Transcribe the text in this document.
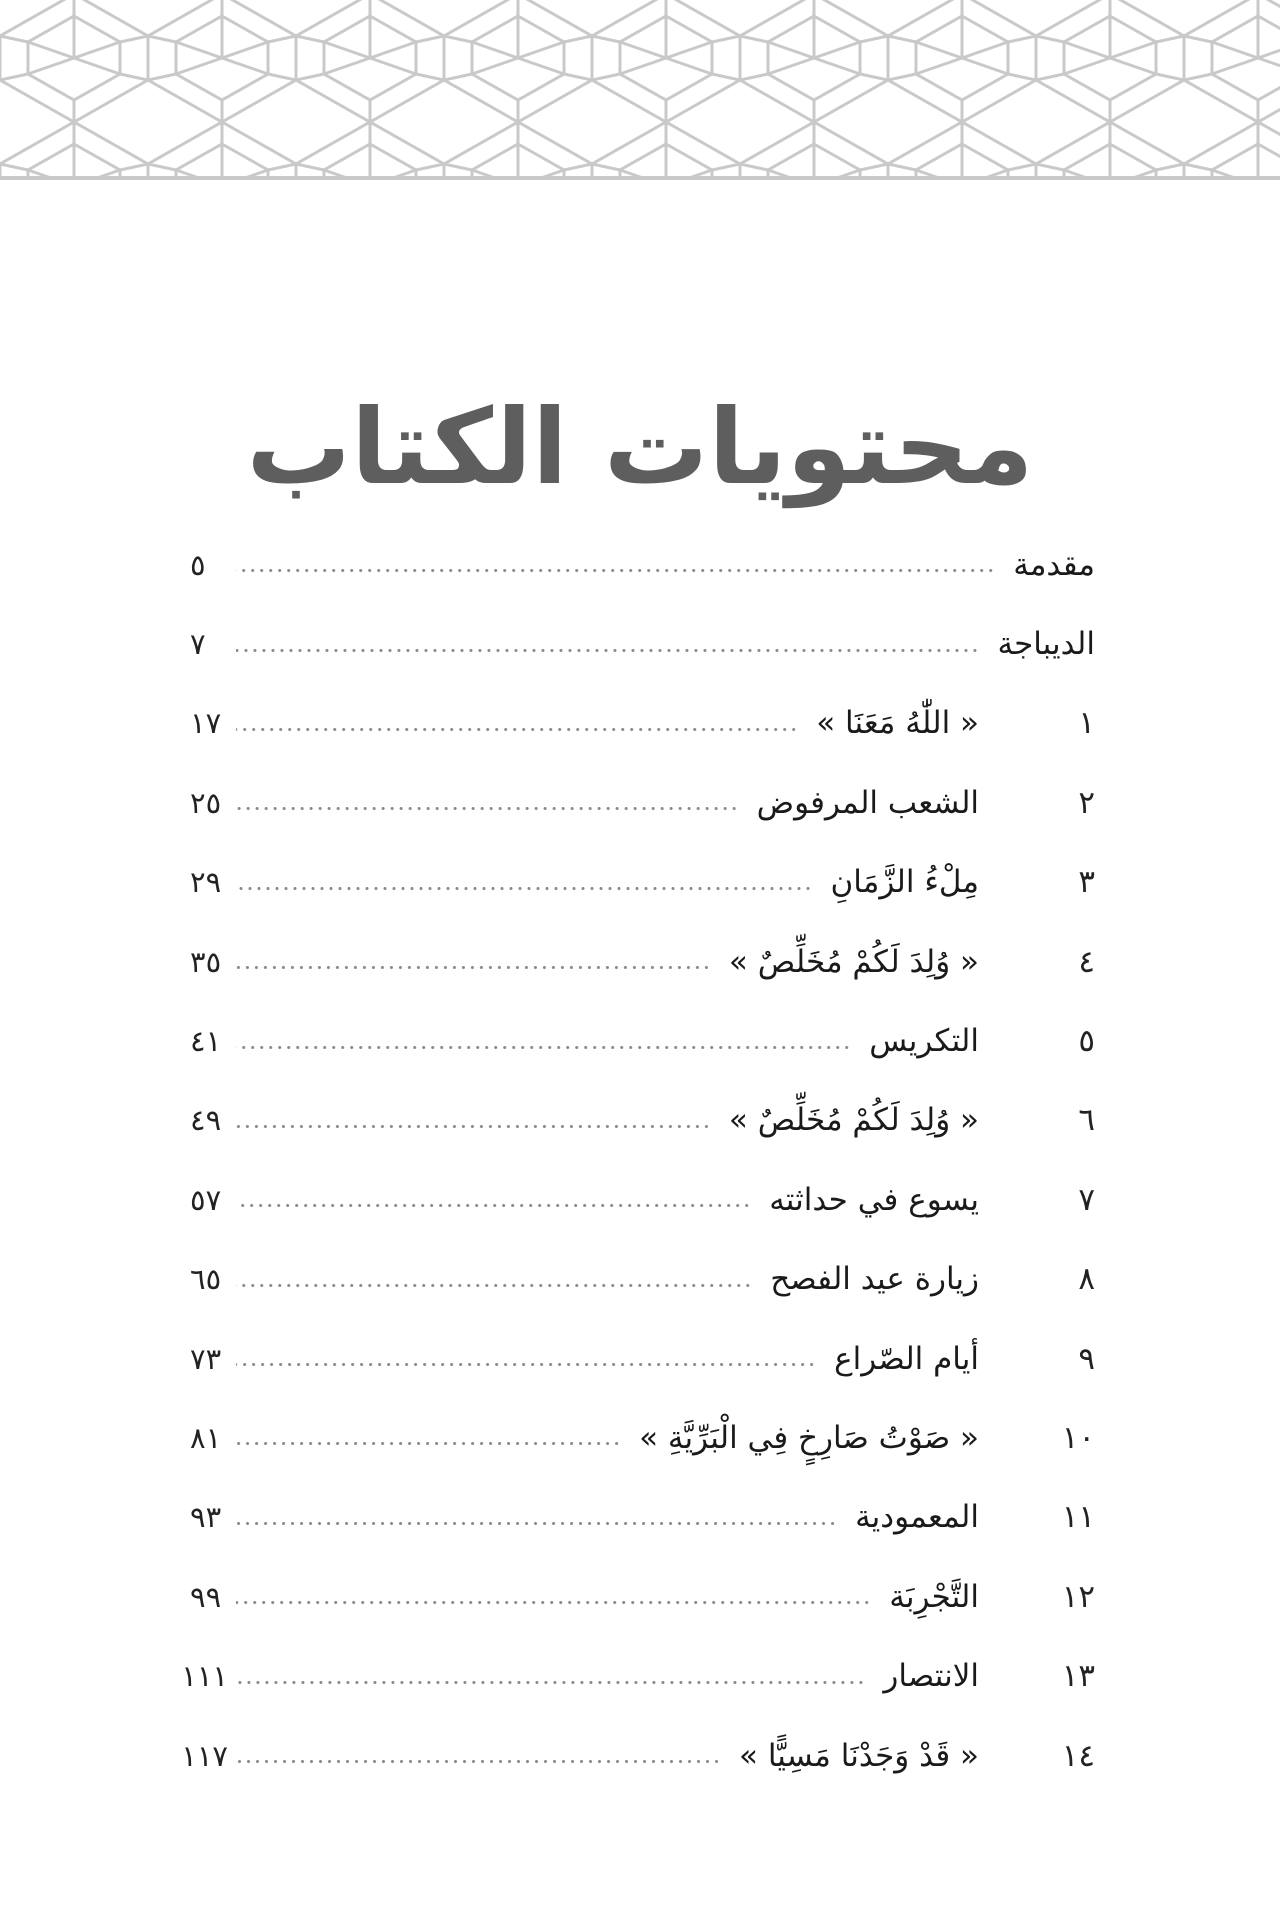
محتويات الكتاب
مقدمة
٥
الديباجة
٧
١
« اللّٰهُ مَعَنَا »
١٧
٢
الشعب المرفوض
٢٥
٣
مِلْءُ الزَّمَانِ
٢٩
٤
« وُلِدَ لَكُمْ مُخَلِّصٌ »
٣٥
٥
التكريس
٤١
٦
« وُلِدَ لَكُمْ مُخَلِّصٌ »
٤٩
٧
يسوع في حداثته
٥٧
٨
زيارة عيد الفصح
٦٥
٩
أيام الصّراع
٧٣
١٠
« صَوْتُ صَارِخٍ فِي الْبَرِّيَّةِ »
٨١
١١
المعمودية
٩٣
١٢
التَّجْرِبَة
٩٩
١٣
الانتصار
١١١
١٤
« قَدْ وَجَدْنَا مَسِيًّا »
١١٧
